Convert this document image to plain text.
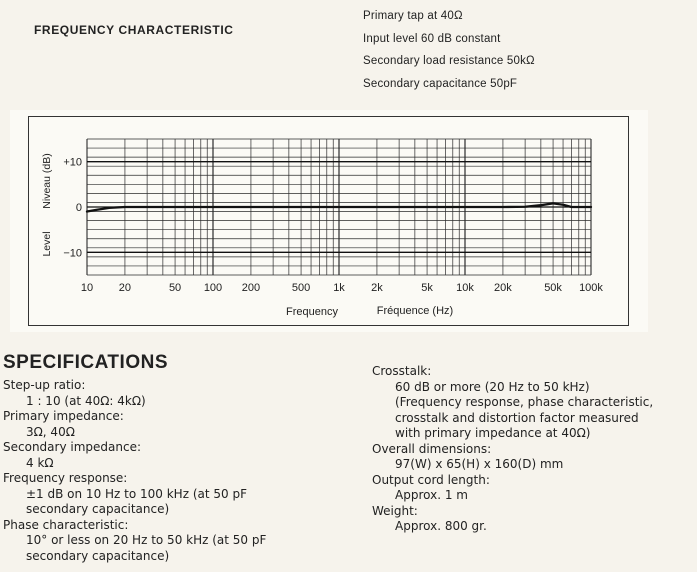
FREQUENCY CHARACTERISTIC
Primary tap at 40Ω
Input level 60 dB constant
Secondary load resistance 50kΩ
Secondary capacitance 50pF
10 20	50 100 200	500 1k 2k	5k 10k 20k	50k 100k
+10
0
−10
Frequency	Fréquence (Hz)
Niveau (dB)
Level
SPECIFICATIONS
Step-up ratio:
1 : 10 (at 40Ω: 4kΩ)
Primary impedance:
3Ω, 40Ω
Secondary impedance:
4 kΩ
Frequency response:
±1 dB on 10 Hz to 100 kHz (at 50 pF
secondary capacitance)
Phase characteristic:
10° or less on 20 Hz to 50 kHz (at 50 pF
secondary capacitance)
Crosstalk:
60 dB or more (20 Hz to 50 kHz)
(Frequency response, phase characteristic,
crosstalk and distortion factor measured
with primary impedance at 40Ω)
Overall dimensions:
97(W) x 65(H) x 160(D) mm
Output cord length:
Approx. 1 m
Weight:
Approx. 800 gr.
